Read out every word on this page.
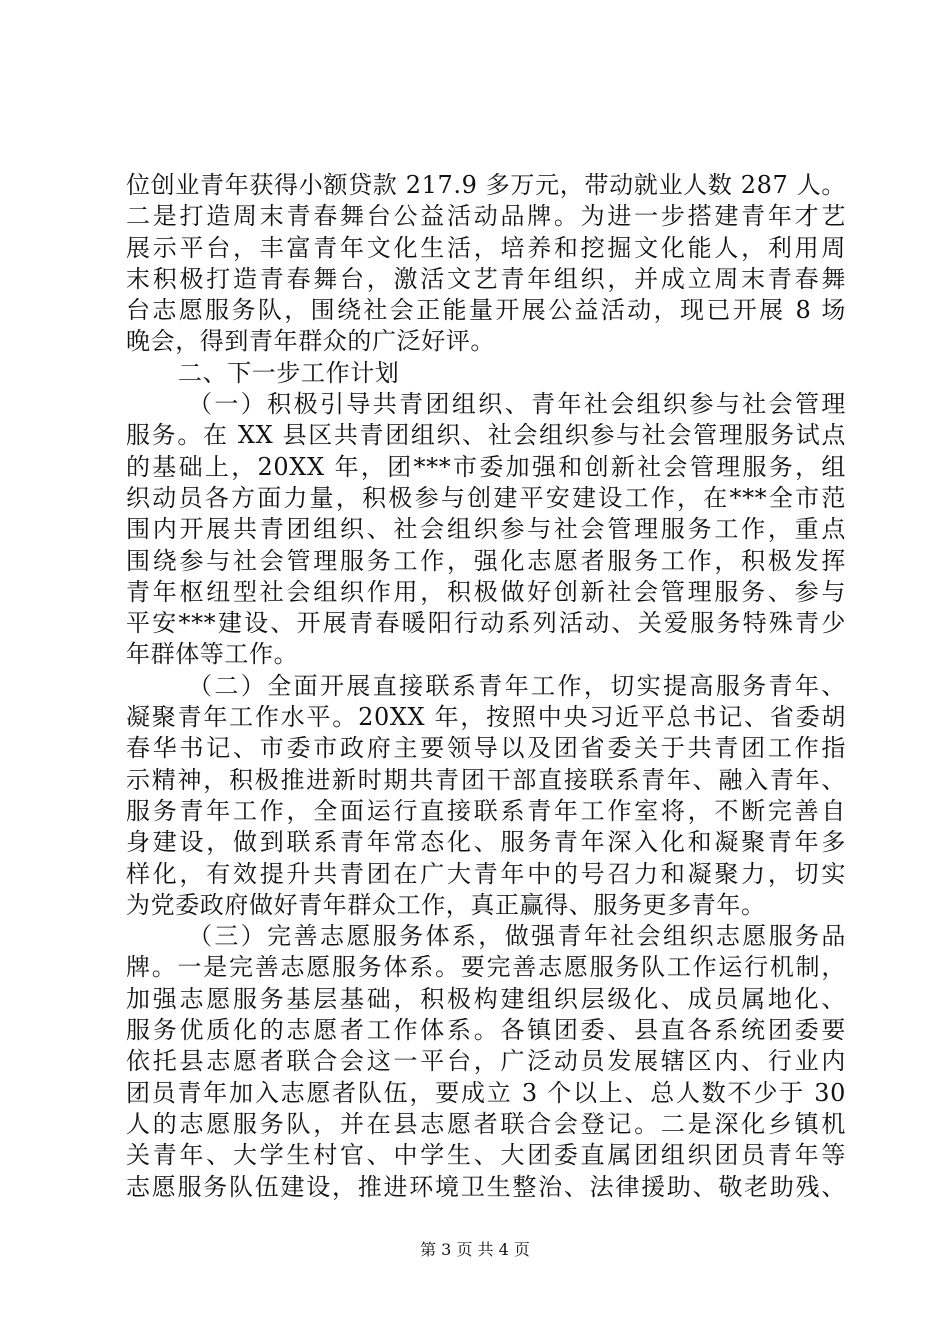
位创业青年获得小额贷款 217.9 多万元，带动就业人数 287 人。
二是打造周末青春舞台公益活动品牌。为进一步搭建青年才艺
展示平台，丰富青年文化生活，培养和挖掘文化能人，利用周
末积极打造青春舞台，激活文艺青年组织，并成立周末青春舞
台志愿服务队，围绕社会正能量开展公益活动，现已开展 8 场
晚会，得到青年群众的广泛好评。
二、下一步工作计划
（一）积极引导共青团组织、青年社会组织参与社会管理
服务。在 XX 县区共青团组织、社会组织参与社会管理服务试点
的基础上，20XX 年，团***市委加强和创新社会管理服务，组
织动员各方面力量，积极参与创建平安建设工作，在***全市范
围内开展共青团组织、社会组织参与社会管理服务工作，重点
围绕参与社会管理服务工作，强化志愿者服务工作，积极发挥
青年枢纽型社会组织作用，积极做好创新社会管理服务、参与
平安***建设、开展青春暖阳行动系列活动、关爱服务特殊青少
年群体等工作。
（二）全面开展直接联系青年工作，切实提高服务青年、
凝聚青年工作水平。20XX 年，按照中央习近平总书记、省委胡
春华书记、市委市政府主要领导以及团省委关于共青团工作指
示精神，积极推进新时期共青团干部直接联系青年、融入青年、
服务青年工作，全面运行直接联系青年工作室将，不断完善自
身建设，做到联系青年常态化、服务青年深入化和凝聚青年多
样化，有效提升共青团在广大青年中的号召力和凝聚力，切实
为党委政府做好青年群众工作，真正赢得、服务更多青年。
（三）完善志愿服务体系，做强青年社会组织志愿服务品
牌。一是完善志愿服务体系。要完善志愿服务队工作运行机制，
加强志愿服务基层基础，积极构建组织层级化、成员属地化、
服务优质化的志愿者工作体系。各镇团委、县直各系统团委要
依托县志愿者联合会这一平台，广泛动员发展辖区内、行业内
团员青年加入志愿者队伍，要成立 3 个以上、总人数不少于 30
人的志愿服务队，并在县志愿者联合会登记。二是深化乡镇机
关青年、大学生村官、中学生、大团委直属团组织团员青年等
志愿服务队伍建设，推进环境卫生整治、法律援助、敬老助残、
第 3 页 共 4 页
